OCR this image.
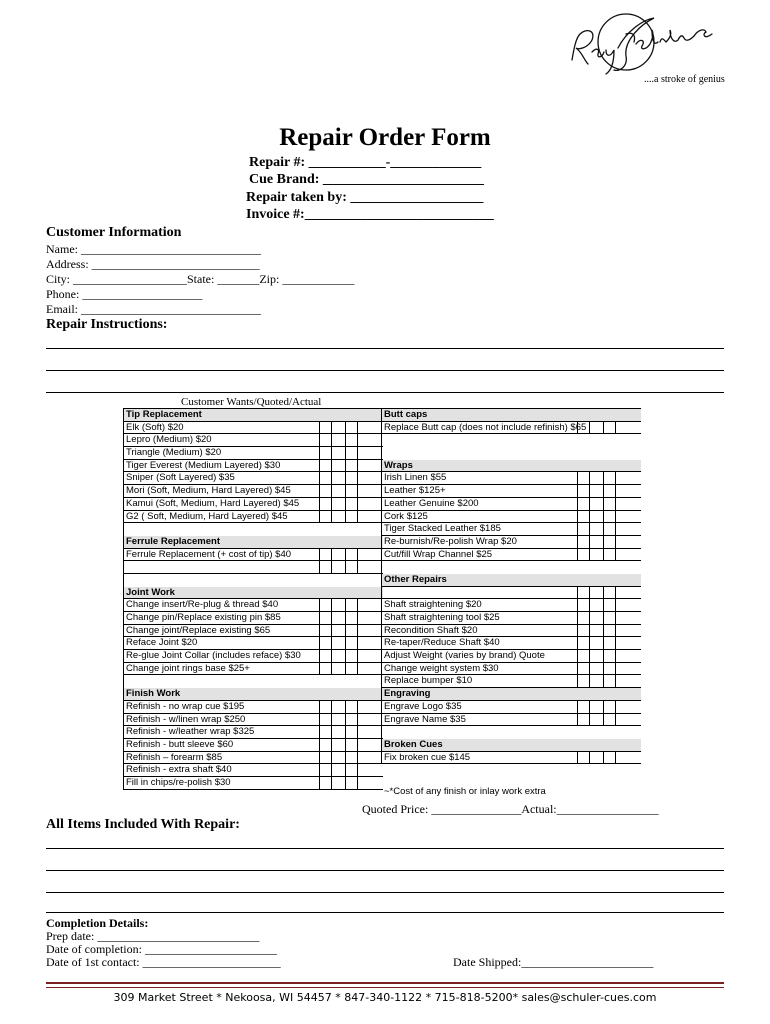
....a stroke of genius
Repair Order Form
Repair #: ___________-_____________
Cue Brand: _______________________
Repair taken by: ___________________
Invoice #:___________________________
Customer Information
Name: ______________________________
Address: ____________________________
City: ___________________State: _______Zip: ____________
Phone: ____________________
Email: ______________________________
Repair Instructions:
Customer Wants/Quoted/Actual
Tip Replacement
Elk (Soft) $20
Lepro (Medium) $20
Triangle (Medium) $20
Tiger Everest (Medium Layered) $30
Sniper (Soft Layered) $35
Mori (Soft, Medium, Hard Layered) $45
Kamui (Soft, Medium, Hard Layered) $45
G2 ( Soft, Medium, Hard Layered) $45
Ferrule Replacement
Ferrule Replacement (+ cost of tip) $40
Joint Work
Change insert/Re-plug & thread $40
Change pin/Replace existing pin $85
Change joint/Replace existing $65
Reface Joint $20
Re-glue Joint Collar (includes reface) $30
Change joint rings base $25+
Finish Work
Refinish - no wrap cue $195
Refinish - w/linen wrap $250
Refinish - w/leather wrap $325
Refinish - butt sleeve $60
Refinish – forearm $85
Refinish - extra shaft $40
Fill in chips/re-polish $30
Butt caps
Replace Butt cap (does not include refinish) $65
Wraps
Irish Linen $55
Leather $125+
Leather Genuine $200
Cork $125
Tiger Stacked Leather $185
Re-burnish/Re-polish Wrap $20
Cut/fill Wrap Channel $25
Other Repairs
Shaft straightening $20
Shaft straightening tool $25
Recondition Shaft $20
Re-taper/Reduce Shaft $40
Adjust Weight (varies by brand) Quote
Change weight system $30
Replace bumper $10
Engraving
Engrave Logo $35
Engrave Name $35
Broken Cues
Fix broken cue $145
~*Cost of any finish or inlay work extra
Quoted Price: _______________Actual:_________________
All Items Included With Repair:
Completion Details:
Prep date: ___________________________
Date of completion: ______________________
Date of 1st contact: _______________________	Date Shipped:______________________
309 Market Street * Nekoosa, WI 54457 * 847-340-1122 * 715-818-5200* sales@schuler-cues.com
